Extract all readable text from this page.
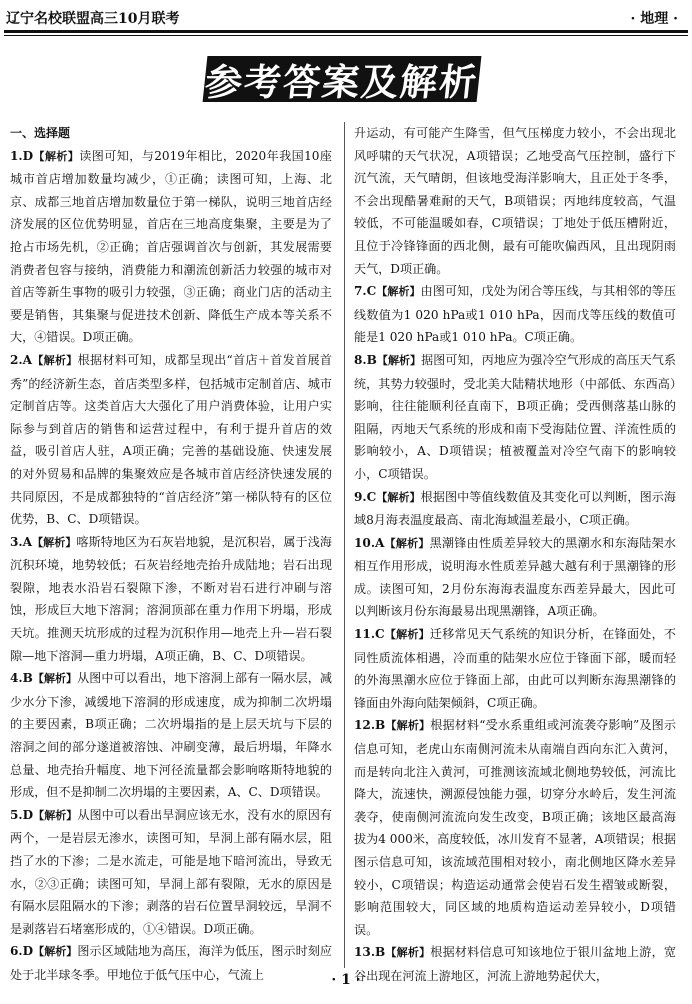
辽宁名校联盟高三10月联考	· 地理 ·
参考答案及解析
一、选择题

1.D【解析】读图可知，与2019年相比，2020年我国10座城市首店增加数量均减少，①正确；读图可知，上海、北京、成都三地首店增加数量位于第一梯队，说明三地首店经济发展的区位优势明显，首店在三地高度集聚，主要是为了抢占市场先机，②正确；首店强调首次与创新，其发展需要消费者包容与接纳，消费能力和潮流创新活力较强的城市对首店等新生事物的吸引力较强，③正确；商业门店的活动主要是销售，其集聚与促进技术创新、降低生产成本等关系不大，④错误。D项正确。

2.A【解析】根据材料可知，成都呈现出“首店＋首发首展首秀”的经济新生态，首店类型多样，包括城市定制首店、城市定制首店等。这类首店大大强化了用户消费体验，让用户实际参与到首店的销售和运营过程中，有利于提升首店的效益，吸引首店人驻，A项正确；完善的基础设施、快速发展的对外贸易和品牌的集聚效应是各城市首店经济快速发展的共同原因，不是成都独特的“首店经济”第一梯队特有的区位优势，B、C、D项错误。

3.A【解析】喀斯特地区为石灰岩地貌，是沉积岩，属于浅海沉积环境，地势较低；石灰岩经地壳抬升成陆地；岩石出现裂隙，地表水沿岩石裂隙下渗，不断对岩石进行冲刷与溶蚀，形成巨大地下溶洞；溶洞顶部在重力作用下坍塌，形成天坑。推测天坑形成的过程为沉积作用—地壳上升—岩石裂隙—地下溶洞—重力坍塌，A项正确，B、C、D项错误。

4.B【解析】从图中可以看出，地下溶洞上部有一隔水层，减少水分下渗，减缓地下溶洞的形成速度，成为抑制二次坍塌的主要因素，B项正确；二次坍塌指的是上层天坑与下层的溶洞之间的部分遂道被溶蚀、冲刷变薄，最后坍塌，年降水总量、地壳抬升幅度、地下河径流量都会影响喀斯特地貌的形成，但不是抑制二次坍塌的主要因素，A、C、D项错误。

5.D【解析】从图中可以看出旱洞应该无水，没有水的原因有两个，一是岩层无渗水，读图可知，旱洞上部有隔水层，阻挡了水的下渗；二是水流走，可能是地下暗河流出，导致无水，②③正确；读图可知，旱洞上部有裂隙，无水的原因是有隔水层阻隔水的下渗；剥落的岩石位置旱洞较远，旱洞不是剥落岩石堵塞形成的，①④错误。D项正确。

6.D【解析】图示区域陆地为高压，海洋为低压，图示时刻应处于北半球冬季。甲地位于低气压中心，气流上

升运动，有可能产生降雪，但气压梯度力较小，不会出现北风呼啸的天气状况，A项错误；乙地受高气压控制，盛行下沉气流，天气晴朗，但该地受海洋影响大，且正处于冬季，不会出现酷暑难耐的天气，B项错误；丙地纬度较高，气温较低，不可能温暖如春，C项错误；丁地处于低压槽附近，且位于冷锋锋面的西北侧，最有可能吹偏西风，且出现阴雨天气，D项正确。

7.C【解析】由图可知，戊处为闭合等压线，与其相邻的等压线数值为1 020 hPa或1 010 hPa，因而戊等压线的数值可能是1 020 hPa或1 010 hPa。C项正确。

8.B【解析】据图可知，丙地应为强冷空气形成的高压天气系统，其势力较强时，受北美大陆精状地形（中部低、东西高）影响，往往能顺利径直南下，B项正确；受西侧落基山脉的阻隔，丙地天气系统的形成和南下受海陆位置、洋流性质的影响较小，A、D项错误；植被覆盖对冷空气南下的影响较小，C项错误。

9.C【解析】根据图中等值线数值及其变化可以判断，图示海域8月海表温度最高、南北海域温差最小，C项正确。

10.A【解析】黑潮锋由性质差异较大的黑潮水和东海陆架水相互作用形成，说明海水性质差异越大越有利于黑潮锋的形成。读图可知，2月份东海海表温度东西差异最大，因此可以判断该月份东海最易出现黑潮锋，A项正确。

11.C【解析】迁移常见天气系统的知识分析，在锋面处，不同性质流体相遇，冷而重的陆架水应位于锋面下部，暖而轻的外海黑潮水应位于锋面上部，由此可以判断东海黑潮锋的锋面由外海向陆架倾斜，C项正确。

12.B【解析】根据材料“受水系重组或河流袭夺影响”及图示信息可知，老虎山东南侧河流未从南端自西向东汇入黄河，而是转向北注入黄河，可推测该流域北侧地势较低，河流比降大，流速快，溯源侵蚀能力强，切穿分水岭后，发生河流袭夺，使南侧河流流向发生改变，B项正确；该地区最高海拔为4 000米，高度较低，冰川发育不显著，A项错误；根据图示信息可知，该流域范围相对较小，南北侧地区降水差异较小，C项错误；构造运动通常会使岩石发生褶皱或断裂，影响范围较大，同区域的地质构造运动差异较小，D项错误。

13.B【解析】根据材料信息可知该地位于银川盆地上游，宽谷出现在河流上游地区，河流上游地势起伏大，

· 1 ·
